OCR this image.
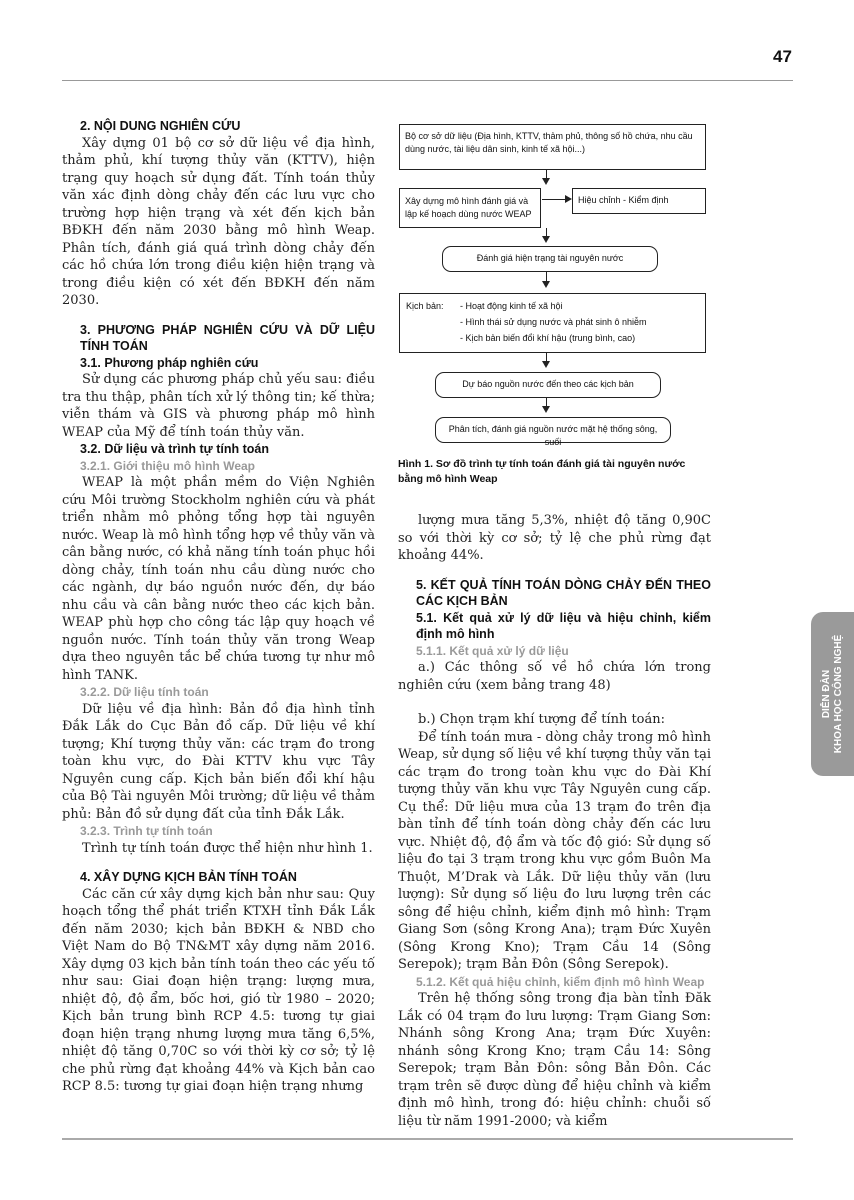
47
2. NỘI DUNG NGHIÊN CỨU

Xây dựng 01 bộ cơ sở dữ liệu về địa hình, thảm phủ, khí tượng thủy văn (KTTV), hiện trạng quy hoạch sử dụng đất. Tính toán thủy văn xác định dòng chảy đến các lưu vực cho trường hợp hiện trạng và xét đến kịch bản BĐKH đến năm 2030 bằng mô hình Weap. Phân tích, đánh giá quá trình dòng chảy đến các hồ chứa lớn trong điều kiện hiện trạng và trong điều kiện có xét đến BĐKH đến năm 2030.

3. PHƯƠNG PHÁP NGHIÊN CỨU VÀ DỮ LIỆU TÍNH TOÁN
3.1. Phương pháp nghiên cứu

Sử dụng các phương pháp chủ yếu sau: điều tra thu thập, phân tích xử lý thông tin; kế thừa; viễn thám và GIS và phương pháp mô hình WEAP của Mỹ để tính toán thủy văn.

3.2. Dữ liệu và trình tự tính toán
3.2.1. Giới thiệu mô hình Weap

WEAP là một phần mềm do Viện Nghiên cứu Môi trường Stockholm nghiên cứu và phát triển nhằm mô phỏng tổng hợp tài nguyên nước. Weap là mô hình tổng hợp về thủy văn và cân bằng nước, có khả năng tính toán phục hồi dòng chảy, tính toán nhu cầu dùng nước cho các ngành, dự báo nguồn nước đến, dự báo nhu cầu và cân bằng nước theo các kịch bản. WEAP phù hợp cho công tác lập quy hoạch về nguồn nước. Tính toán thủy văn trong Weap dựa theo nguyên tắc bể chứa tương tự như mô hình TANK.

3.2.2. Dữ liệu tính toán

Dữ liệu về địa hình: Bản đồ địa hình tỉnh Đắk Lắk do Cục Bản đồ cấp. Dữ liệu về khí tượng; Khí tượng thủy văn: các trạm đo trong toàn khu vực, do Đài KTTV khu vực Tây Nguyên cung cấp. Kịch bản biến đổi khí hậu của Bộ Tài nguyên Môi trường; dữ liệu về thảm phủ: Bản đồ sử dụng đất của tỉnh Đắk Lắk.

3.2.3. Trình tự tính toán

Trình tự tính toán được thể hiện như hình 1.

4. XÂY DỰNG KỊCH BẢN TÍNH TOÁN

Các căn cứ xây dựng kịch bản như sau: Quy hoạch tổng thể phát triển KTXH tỉnh Đắk Lắk đến năm 2030; kịch bản BĐKH & NBD cho Việt Nam do Bộ TN&MT xây dựng năm 2016. Xây dựng 03 kịch bản tính toán theo các yếu tố như sau: Giai đoạn hiện trạng: lượng mưa, nhiệt độ, độ ẩm, bốc hơi, gió từ 1980 – 2020; Kịch bản trung bình RCP 4.5: tương tự giai đoạn hiện trạng nhưng lượng mưa tăng 6,5%, nhiệt độ tăng 0,70C so với thời kỳ cơ sở; tỷ lệ che phủ rừng đạt khoảng 44% và Kịch bản cao RCP 8.5: tương tự giai đoạn hiện trạng nhưng

Bộ cơ sở dữ liệu (Địa hình, KTTV, thảm phủ, thông số hồ chứa, nhu cầu dùng nước, tài liệu dân sinh, kinh tế xã hội...)
Xây dựng mô hình đánh giá và lập kế hoạch dùng nước WEAP
Hiệu chỉnh - Kiểm định
Đánh giá hiện trạng tài nguyên nước
Kịch bản: - Hoạt động kinh tế xã hội
- Hình thái sử dụng nước và phát sinh ô nhiễm
- Kịch bản biến đổi khí hậu (trung bình, cao)
Dự báo nguồn nước đến theo các kịch bản
Phân tích, đánh giá nguồn nước mặt hệ thống sông, suối
Hình 1. Sơ đồ trình tự tính toán đánh giá tài nguyên nước bằng mô hình Weap

lượng mưa tăng 5,3%, nhiệt độ tăng 0,90C so với thời kỳ cơ sở; tỷ lệ che phủ rừng đạt khoảng 44%.

5. KẾT QUẢ TÍNH TOÁN DÒNG CHẢY ĐẾN THEO CÁC KỊCH BẢN
5.1. Kết quả xử lý dữ liệu và hiệu chỉnh, kiểm định mô hình
5.1.1. Kết quả xử lý dữ liệu

a.) Các thông số về hồ chứa lớn trong nghiên cứu (xem bảng trang 48)

b.) Chọn trạm khí tượng để tính toán:

Để tính toán mưa - dòng chảy trong mô hình Weap, sử dụng số liệu về khí tượng thủy văn tại các trạm đo trong toàn khu vực do Đài Khí tượng thủy văn khu vực Tây Nguyên cung cấp. Cụ thể: Dữ liệu mưa của 13 trạm đo trên địa bàn tỉnh để tính toán dòng chảy đến các lưu vực. Nhiệt độ, độ ẩm và tốc độ gió: Sử dụng số liệu đo tại 3 trạm trong khu vực gồm Buôn Ma Thuột, M’Drak và Lắk. Dữ liệu thủy văn (lưu lượng): Sử dụng số liệu đo lưu lượng trên các sông để hiệu chỉnh, kiểm định mô hình: Trạm Giang Sơn (sông Krong Ana); trạm Đức Xuyên (Sông Krong Kno); Trạm Cầu 14 (Sông Serepok); trạm Bản Đôn (Sông Serepok).

5.1.2. Kết quả hiệu chỉnh, kiểm định mô hình Weap

Trên hệ thống sông trong địa bàn tỉnh Đăk Lắk có 04 trạm đo lưu lượng: Trạm Giang Sơn: Nhánh sông Krong Ana; trạm Đức Xuyên: nhánh sông Krong Kno; trạm Cầu 14: Sông Serepok; trạm Bản Đôn: sông Bản Đôn. Các trạm trên sẽ được dùng để hiệu chỉnh và kiểm định mô hình, trong đó: hiệu chỉnh: chuỗi số liệu từ năm 1991-2000; và kiểm

DIỄN ĐÀN KHOA HỌC CÔNG NGHỆ
